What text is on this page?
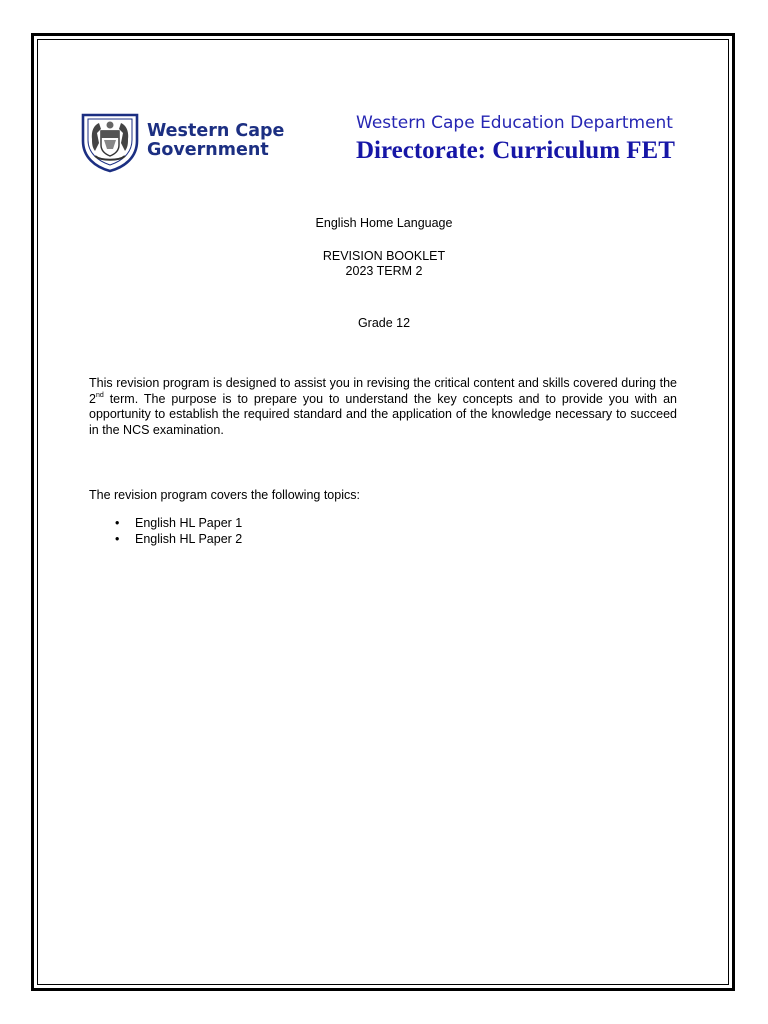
Western Cape
Government
Western Cape Education Department
Directorate: Curriculum FET
English Home Language
REVISION BOOKLET
2023 TERM 2
Grade 12
This revision program is designed to assist you in revising the critical content and skills covered during the 2nd term. The purpose is to prepare you to understand the key concepts and to provide you with an opportunity to establish the required standard and the application of the knowledge necessary to succeed in the NCS examination.
The revision program covers the following topics:
• English HL Paper 1
• English HL Paper 2
